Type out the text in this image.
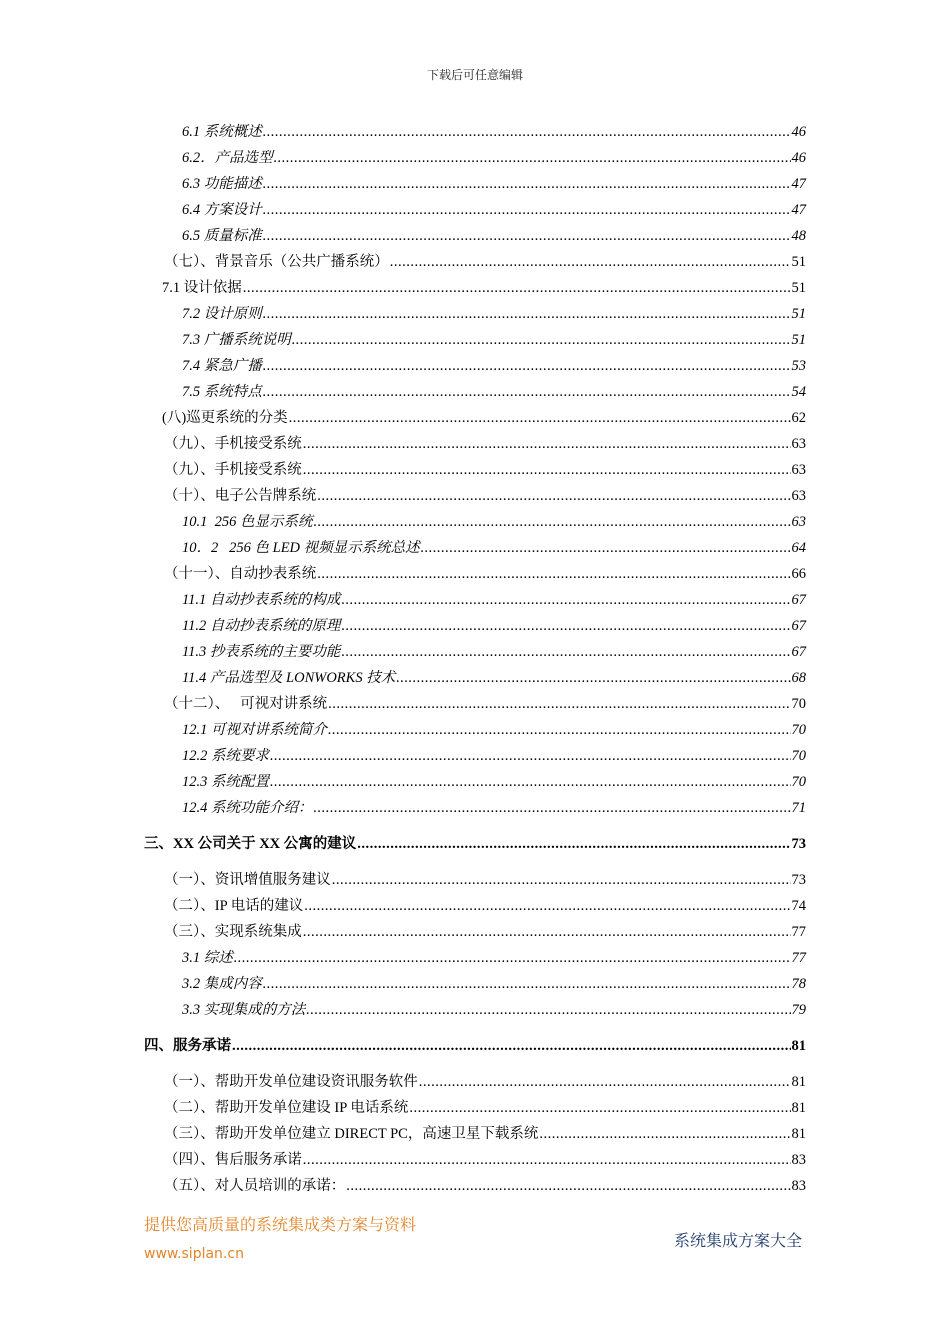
下载后可任意编辑
6.1 系统概述 .....	46
6.2．产品选型 .....	46
6.3 功能描述 .....	47
6.4 方案设计 .....	47
6.5 质量标准 .....	48
（七）、背景音乐（公共广播系统） .....	51
7.1 设计依据 .....	51
7.2 设计原则 .....	51
7.3 广播系统说明 .....	51
7.4 紧急广播 .....	53
7.5 系统特点 .....	54
(八)巡更系统的分类 .....	62
（九）、手机接受系统 .....	63
（九）、手机接受系统 .....	63
（十）、电子公告牌系统 .....	63
10.1  256 色显示系统 .....	63
10．2   256 色 LED 视频显示系统总述 .....	64
（十一）、自动抄表系统 .....	66
11.1 自动抄表系统的构成 .....	67
11.2 自动抄表系统的原理 .....	67
11.3 抄表系统的主要功能 .....	67
11.4 产品选型及 LONWORKS 技术 .....	68
（十二）、   可视对讲系统 .....	70
12.1 可视对讲系统简介 .....	70
12.2 系统要求 .....	70
12.3 系统配置 .....	70
12.4 系统功能介绍： .....	71
三、XX 公司关于 XX 公寓的建议 .....	73
（一）、资讯增值服务建议 .....	73
（二）、IP 电话的建议 .....	74
（三）、实现系统集成 .....	77
3.1 综述 .....	77
3.2 集成内容 .....	78
3.3 实现集成的方法 .....	79
四、服务承诺 .....	81
（一）、帮助开发单位建设资讯服务软件 .....	81
（二）、帮助开发单位建设 IP 电话系统 .....	81
（三）、帮助开发单位建立 DIRECT PC，高速卫星下载系统 .....	81
（四）、售后服务承诺 .....	83
（五）、对人员培训的承诺： .....	83
提供您高质量的系统集成类方案与资料
www.siplan.cn
系统集成方案大全
